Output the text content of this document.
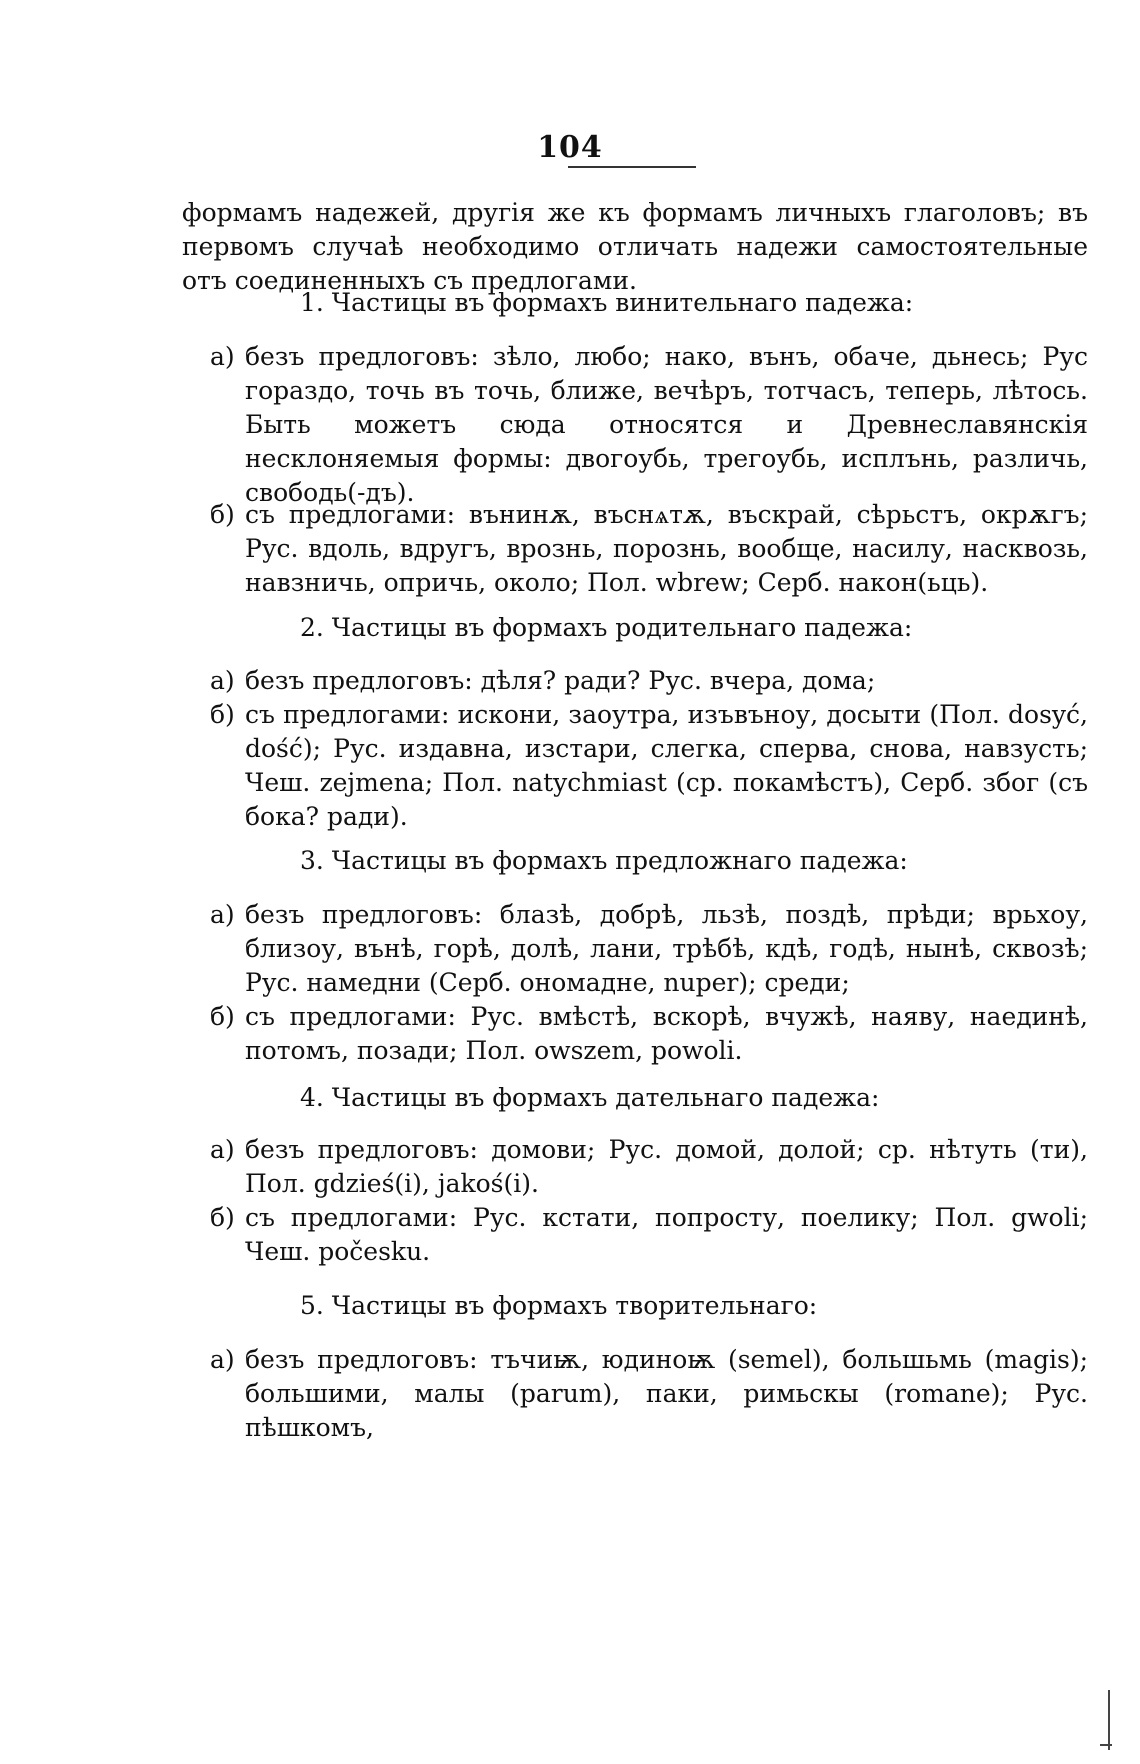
104
формамъ надежей, другія же къ формамъ личныхъ глаголовъ; въ первомъ случаѣ необходимо отличать надежи самостоятельные отъ соединенныхъ съ предлогами.
1. Частицы въ формахъ винительнаго падежа:
a) безъ предлоговъ: зѣло, любо; нако, вънъ, обаче, дьнесь; Рус гораздо, точь въ точь, ближе, вечѣръ, тотчасъ, теперь, лѣтось. Быть можетъ сюда относятся и Древнеславянскія несклоняемыя формы: двогоубь, трегоубь, исплънь, различь, свободь(-дъ).
б) съ предлогами: вънинѫ, въснѧтѫ, въскрай, сѣрьстъ, окрѫгъ; Рус. вдоль, вдругъ, врознь, порознь, вообще, насилу, насквозь, навзничь, опричь, около; Пол. wbrew; Серб. након(ьць).
2. Частицы въ формахъ родительнаго падежа:
а) безъ предлоговъ: дѣля? ради? Рус. вчера, дома;
б) съ предлогами: искони, заоутра, изъвъноу, досыти (Пол. dosyć, dość); Рус. издавна, изстари, слегка, сперва, снова, навзусть; Чеш. zejmena; Пол. natychmiast (ср. покамѣстъ), Серб. због (съ бока? ради).
3. Частицы въ формахъ предложнаго падежа:
а) безъ предлоговъ: блазѣ, добрѣ, льзѣ, поздѣ, прѣди; врьхоу, близоу, вънѣ, горѣ, долѣ, лани, трѣбѣ, кдѣ, годѣ, нынѣ, сквозѣ; Рус. намедни (Серб. ономадне, nuper); среди;
б) съ предлогами: Рус. вмѣстѣ, вскорѣ, вчужѣ, наяву, наединѣ, потомъ, позади; Пол. owszem, powoli.
4. Частицы въ формахъ дательнаго падежа:
а) безъ предлоговъ: домови; Рус. домой, долой; ср. нѣтуть (ти), Пол. gdzieś(i), jakoś(i).
б) съ предлогами: Рус. кстати, попросту, поелику; Пол. gwoli; Чеш. počesku.
5. Частицы въ формахъ творительнаго:
а) безъ предлоговъ: тъчиѭ, юдиноѭ (semel), большьмь (magis); большими, малы (parum), паки, римьскы (romane); Рус. пѣшкомъ,
